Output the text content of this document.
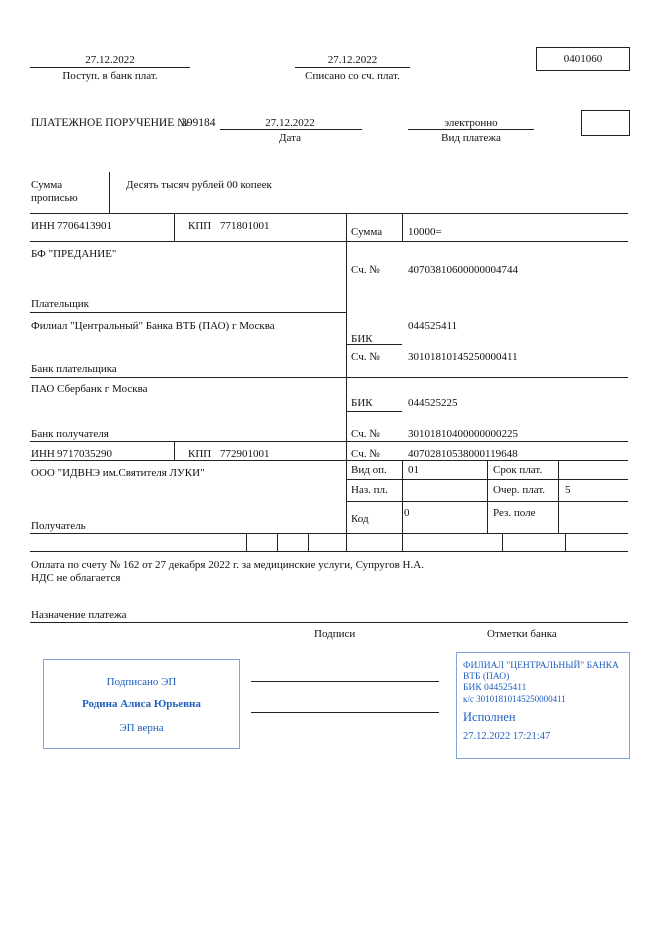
27.12.2022
Поступ. в банк плат.
27.12.2022
Списано со сч. плат.
0401060
ПЛАТЕЖНОЕ ПОРУЧЕНИЕ №
399184	27.12.2022
Дата
электронно
Вид платежа
Сумма
прописью
Десять тысяч рублей 00 копеек
ИНН 7706413901	КПП 771801001	Сумма 10000=
БФ "ПРЕДАНИЕ"
Сч. №	40703810600000004744
Плательщик
Филиал "Центральный" Банка ВТБ (ПАО) г Москва	044525411
БИК
Сч. №	30101810145250000411
Банк плательщика
ПАО Сбербанк г Москва
БИК	044525225
Сч. №	30101810400000000225
Банк получателя
ИНН 9717035290	КПП 772901001	Сч. №	40702810538000119648
ООО "ИДВНЭ им.Святителя ЛУКИ"
Получатель
Вид оп. 01	Срок плат.
Наз. пл.	Очер. плат. 5
Код	0	Рез. поле
Оплата по счету № 162 от 27 декабря 2022 г. за медицинские услуги, Супругов Н.А.
НДС не облагается
Назначение платежа
Подписи	Отметки банка
Подписано ЭП
Родина Алиса Юрьевна
ЭП верна
ФИЛИАЛ "ЦЕНТРАЛЬНЫЙ" БАНКА
ВТБ (ПАО)
БИК 044525411
к/с 30101810145250000411
Исполнен
27.12.2022 17:21:47
